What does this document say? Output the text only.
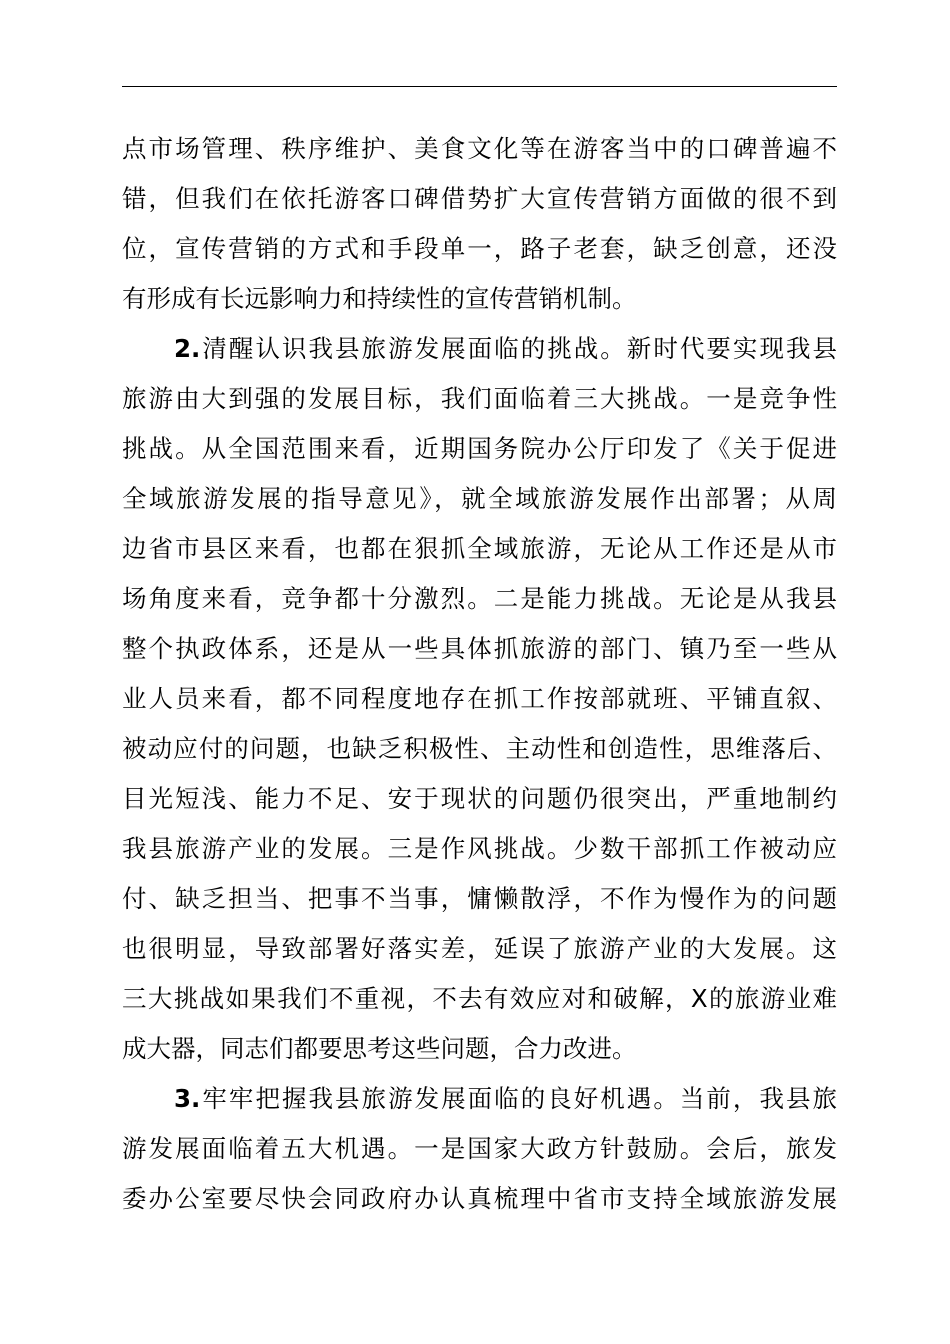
点市场管理、秩序维护、美食文化等在游客当中的口碑普遍不
错，但我们在依托游客口碑借势扩大宣传营销方面做的很不到
位，宣传营销的方式和手段单一，路子老套，缺乏创意，还没
有形成有长远影响力和持续性的宣传营销机制。
2.清醒认识我县旅游发展面临的挑战。新时代要实现我县
旅游由大到强的发展目标，我们面临着三大挑战。一是竞争性
挑战。从全国范围来看，近期国务院办公厅印发了《关于促进
全域旅游发展的指导意见》，就全域旅游发展作出部署；从周
边省市县区来看，也都在狠抓全域旅游，无论从工作还是从市
场角度来看，竞争都十分激烈。二是能力挑战。无论是从我县
整个执政体系，还是从一些具体抓旅游的部门、镇乃至一些从
业人员来看，都不同程度地存在抓工作按部就班、平铺直叙、
被动应付的问题，也缺乏积极性、主动性和创造性，思维落后、
目光短浅、能力不足、安于现状的问题仍很突出，严重地制约
我县旅游产业的发展。三是作风挑战。少数干部抓工作被动应
付、缺乏担当、把事不当事，慵懒散浮，不作为慢作为的问题
也很明显，导致部署好落实差，延误了旅游产业的大发展。这
三大挑战如果我们不重视，不去有效应对和破解，X的旅游业难
成大器，同志们都要思考这些问题，合力改进。
3.牢牢把握我县旅游发展面临的良好机遇。当前，我县旅
游发展面临着五大机遇。一是国家大政方针鼓励。会后，旅发
委办公室要尽快会同政府办认真梳理中省市支持全域旅游发展
